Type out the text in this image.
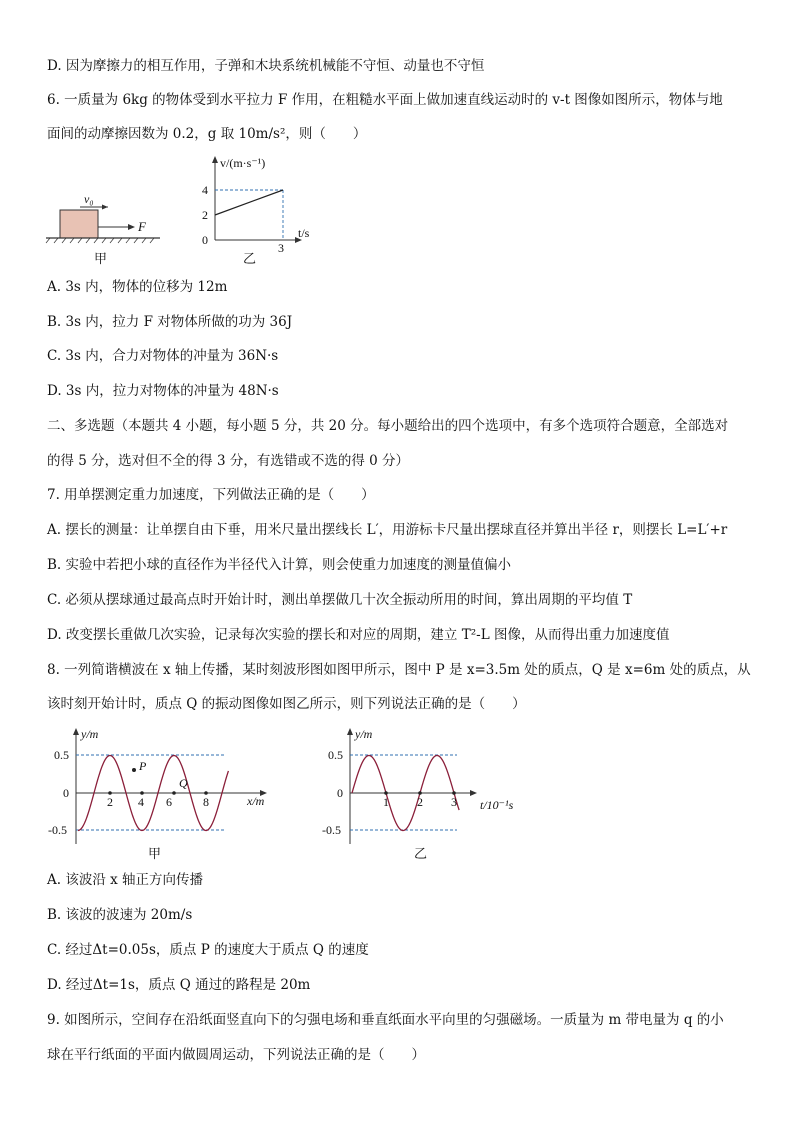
D. 因为摩擦力的相互作用，子弹和木块系统机械能不守恒、动量也不守恒
6. 一质量为 6kg 的物体受到水平拉力 F 作用，在粗糙水平面上做加速直线运动时的 v-t 图像如图所示，物体与地
面间的动摩擦因数为 0.2，g 取 10m/s²，则（　　）
v₀
F
甲
v/(m·s⁻¹)
t/s
4
2
0
3
乙
A. 3s 内，物体的位移为 12m
B. 3s 内，拉力 F 对物体所做的功为 36J
C. 3s 内，合力对物体的冲量为 36N·s
D. 3s 内，拉力对物体的冲量为 48N·s
二、多选题（本题共 4 小题，每小题 5 分，共 20 分。每小题给出的四个选项中，有多个选项符合题意，全部选对
的得 5 分，选对但不全的得 3 分，有选错或不选的得 0 分）
7. 用单摆测定重力加速度，下列做法正确的是（　　）
A. 摆长的测量：让单摆自由下垂，用米尺量出摆线长 L′，用游标卡尺量出摆球直径并算出半径 r，则摆长 L=L′+r
B. 实验中若把小球的直径作为半径代入计算，则会使重力加速度的测量值偏小
C. 必须从摆球通过最高点时开始计时，测出单摆做几十次全振动所用的时间，算出周期的平均值 T
D. 改变摆长重做几次实验，记录每次实验的摆长和对应的周期，建立 T²-L 图像，从而得出重力加速度值
8. 一列简谐横波在 x 轴上传播，某时刻波形图如图甲所示，图中 P 是 x=3.5m 处的质点，Q 是 x=6m 处的质点，从
该时刻开始计时，质点 Q 的振动图像如图乙所示，则下列说法正确的是（　　）
y/m
x/m
0.5
0
-0.5
2 4 6	8
P
Q
甲
y/m
t/10⁻¹s
0.5
0
-0.5
1 2 3
乙
A. 该波沿 x 轴正方向传播
B. 该波的波速为 20m/s
C. 经过Δt=0.05s，质点 P 的速度大于质点 Q 的速度
D. 经过Δt=1s，质点 Q 通过的路程是 20m
9. 如图所示，空间存在沿纸面竖直向下的匀强电场和垂直纸面水平向里的匀强磁场。一质量为 m 带电量为 q 的小
球在平行纸面的平面内做圆周运动，下列说法正确的是（　　）
